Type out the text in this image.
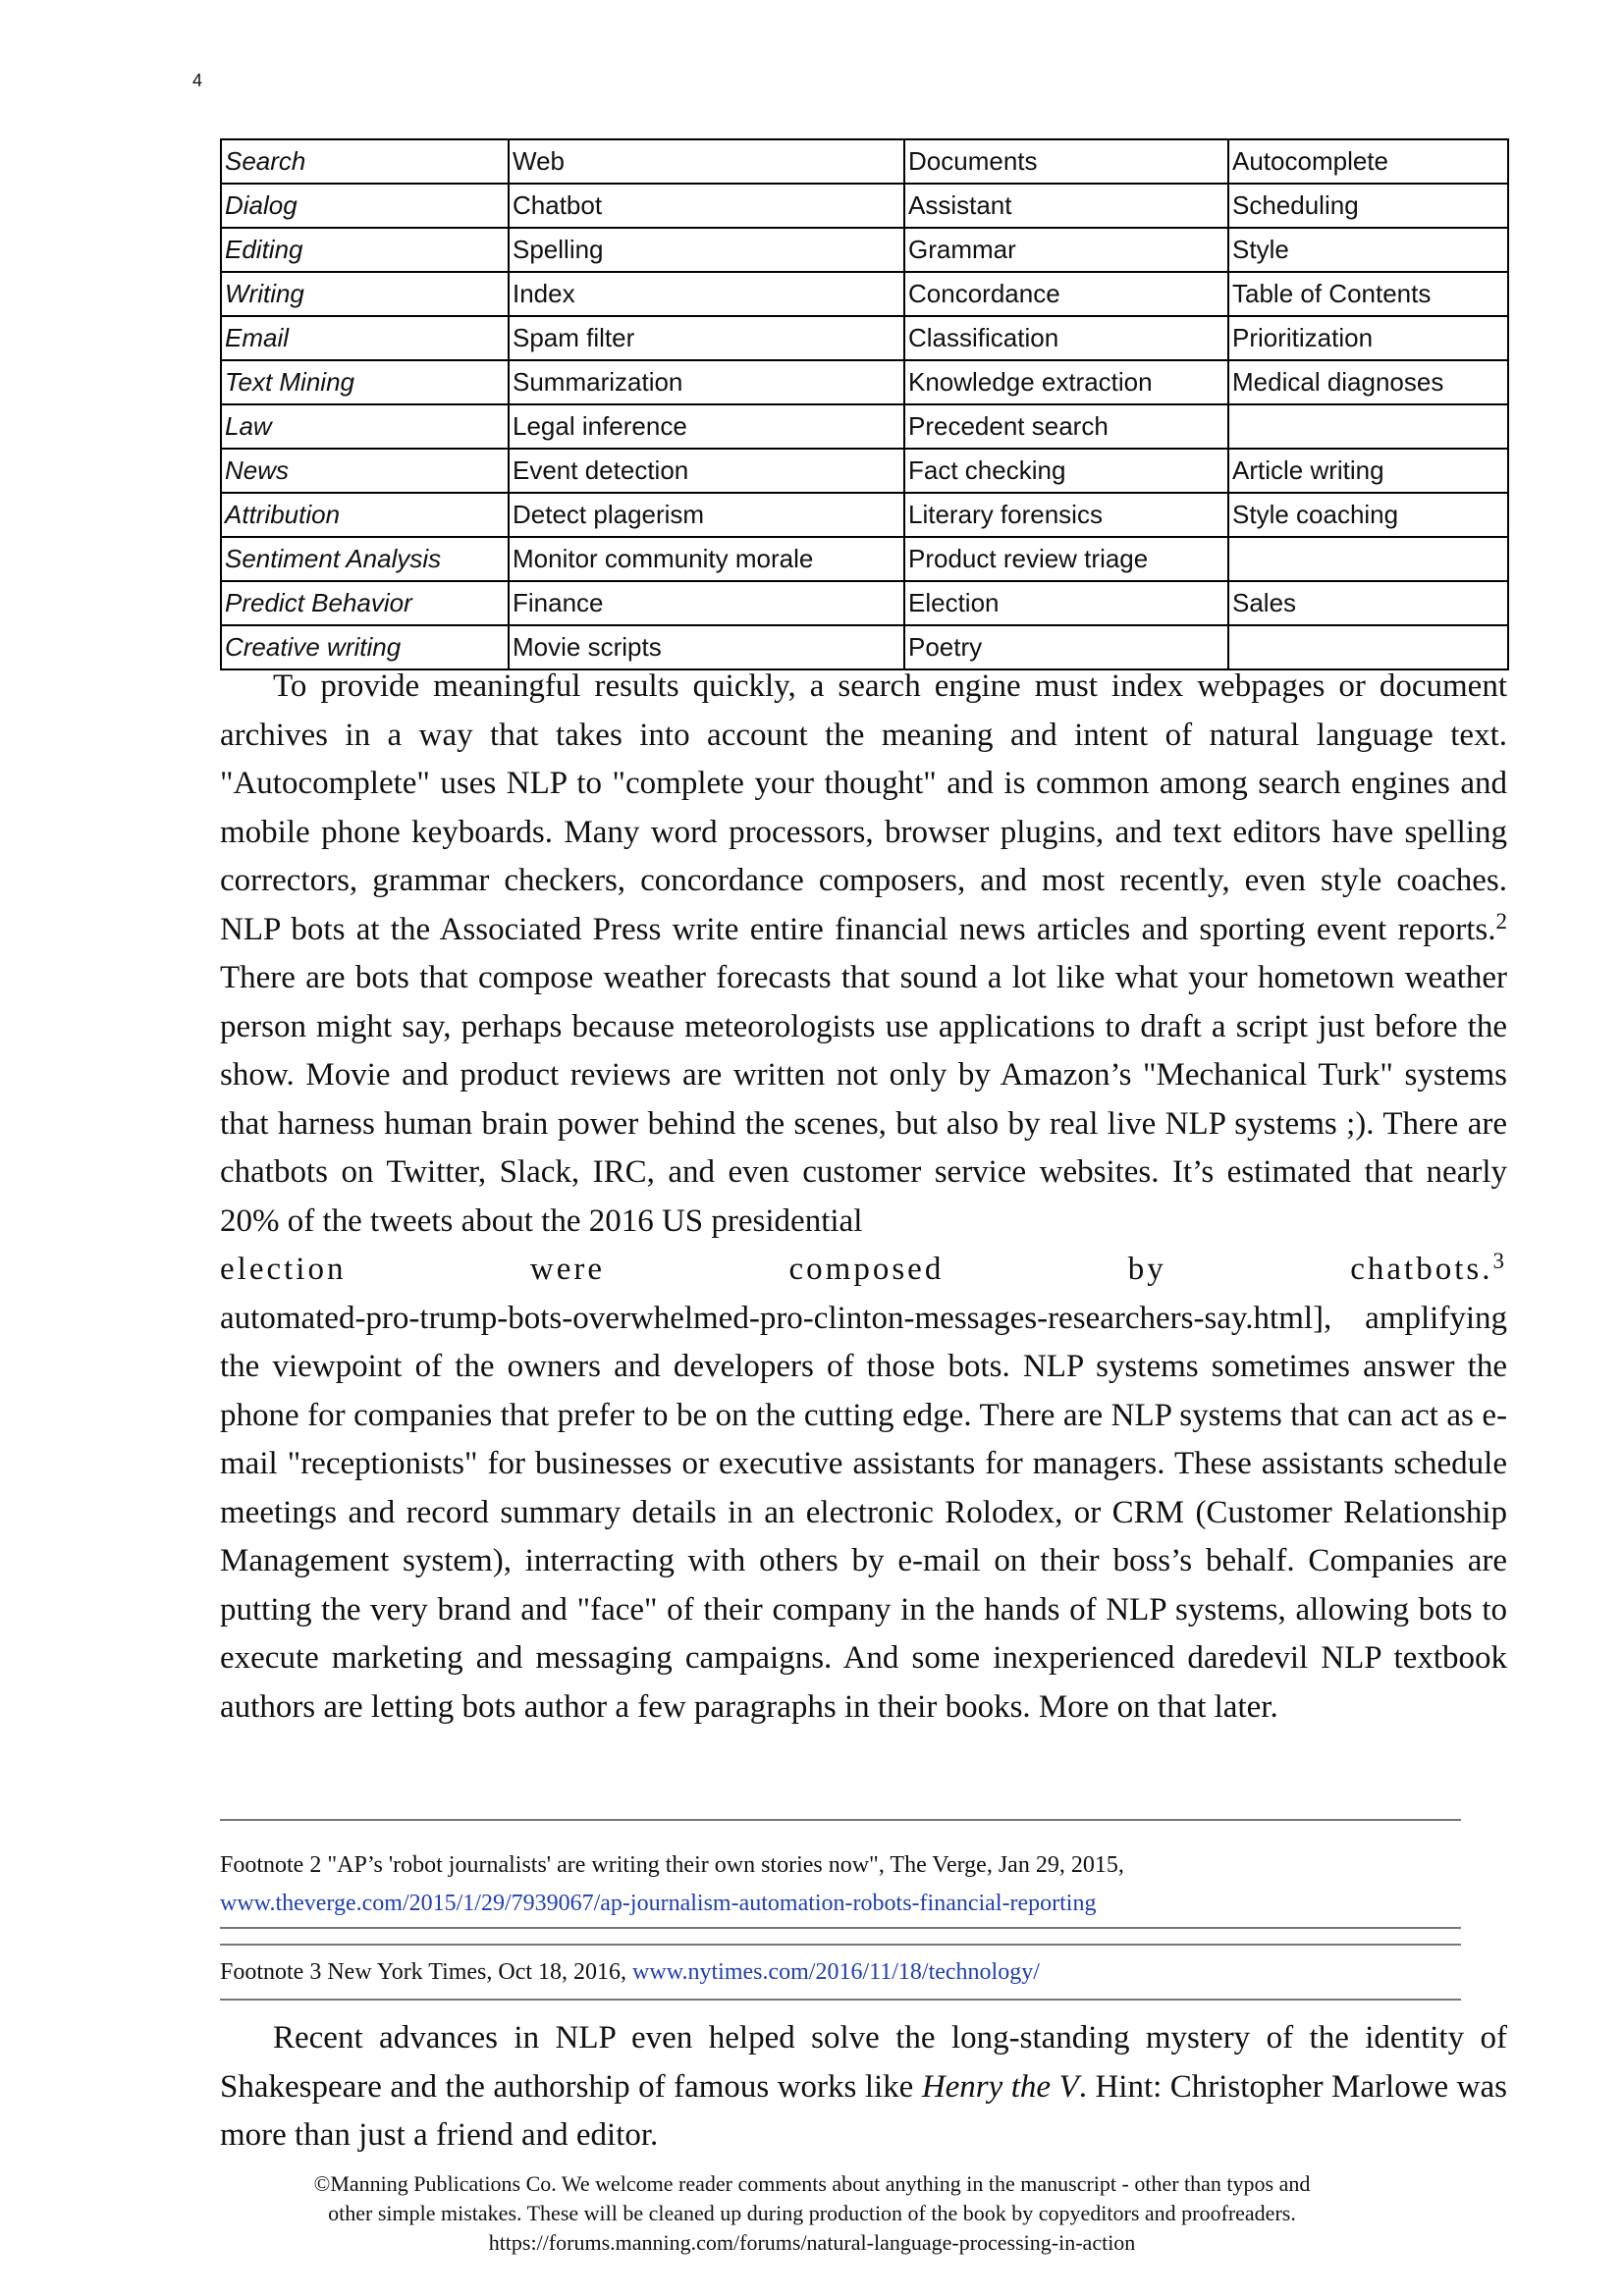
4
Search	Web	Documents	Autocomplete
Dialog	Chatbot	Assistant	Scheduling
Editing	Spelling	Grammar	Style
Writing	Index	Concordance	Table of Contents
Email	Spam filter	Classification	Prioritization
Text Mining	Summarization	Knowledge extraction	Medical diagnoses
Law	Legal inference	Precedent search	
News	Event detection	Fact checking	Article writing
Attribution	Detect plagerism	Literary forensics	Style coaching
Sentiment Analysis	Monitor community morale	Product review triage	
Predict Behavior	Finance	Election	Sales
Creative writing	Movie scripts	Poetry	

To provide meaningful results quickly, a search engine must index webpages or document archives in a way that takes into account the meaning and intent of natural language text. "Autocomplete" uses NLP to "complete your thought" and is common among search engines and mobile phone keyboards. Many word processors, browser plugins, and text editors have spelling correctors, grammar checkers, concordance composers, and most recently, even style coaches. NLP bots at the Associated Press write entire financial news articles and sporting event reports.$^2$ There are bots that compose weather forecasts that sound a lot like what your hometown weather person might say, perhaps because meteorologists use applications to draft a script just before the show. Movie and product reviews are written not only by Amazon’s "Mechanical Turk" systems that harness human brain power behind the scenes, but also by real live NLP systems ;). There are chatbots on Twitter, Slack, IRC, and even customer service websites. It’s estimated that nearly 20% of the tweets about the 2016 US presidential

election	were	composed	by	chatbots.$^3$

automated-pro-trump-bots-overwhelmed-pro-clinton-messages-researchers-say.html], amplifying the viewpoint of the owners and developers of those bots. NLP systems sometimes answer the phone for companies that prefer to be on the cutting edge. There are NLP systems that can act as e-mail "receptionists" for businesses or executive assistants for managers. These assistants schedule meetings and record summary details in an electronic Rolodex, or CRM (Customer Relationship Management system), interracting with others by e-mail on their boss’s behalf. Companies are putting the very brand and "face" of their company in the hands of NLP systems, allowing bots to execute marketing and messaging campaigns. And some inexperienced daredevil NLP textbook authors are letting bots author a few paragraphs in their books. More on that later.

Footnote 2 "AP’s 'robot journalists' are writing their own stories now", The Verge, Jan 29, 2015,
www.theverge.com/2015/1/29/7939067/ap-journalism-automation-robots-financial-reporting
Footnote 3 New York Times, Oct 18, 2016, www.nytimes.com/2016/11/18/technology/

Recent advances in NLP even helped solve the long-standing mystery of the identity of Shakespeare and the authorship of famous works like Henry the V. Hint: Christopher Marlowe was more than just a friend and editor.

©Manning Publications Co. We welcome reader comments about anything in the manuscript - other than typos and
other simple mistakes. These will be cleaned up during production of the book by copyeditors and proofreaders.
https://forums.manning.com/forums/natural-language-processing-in-action
